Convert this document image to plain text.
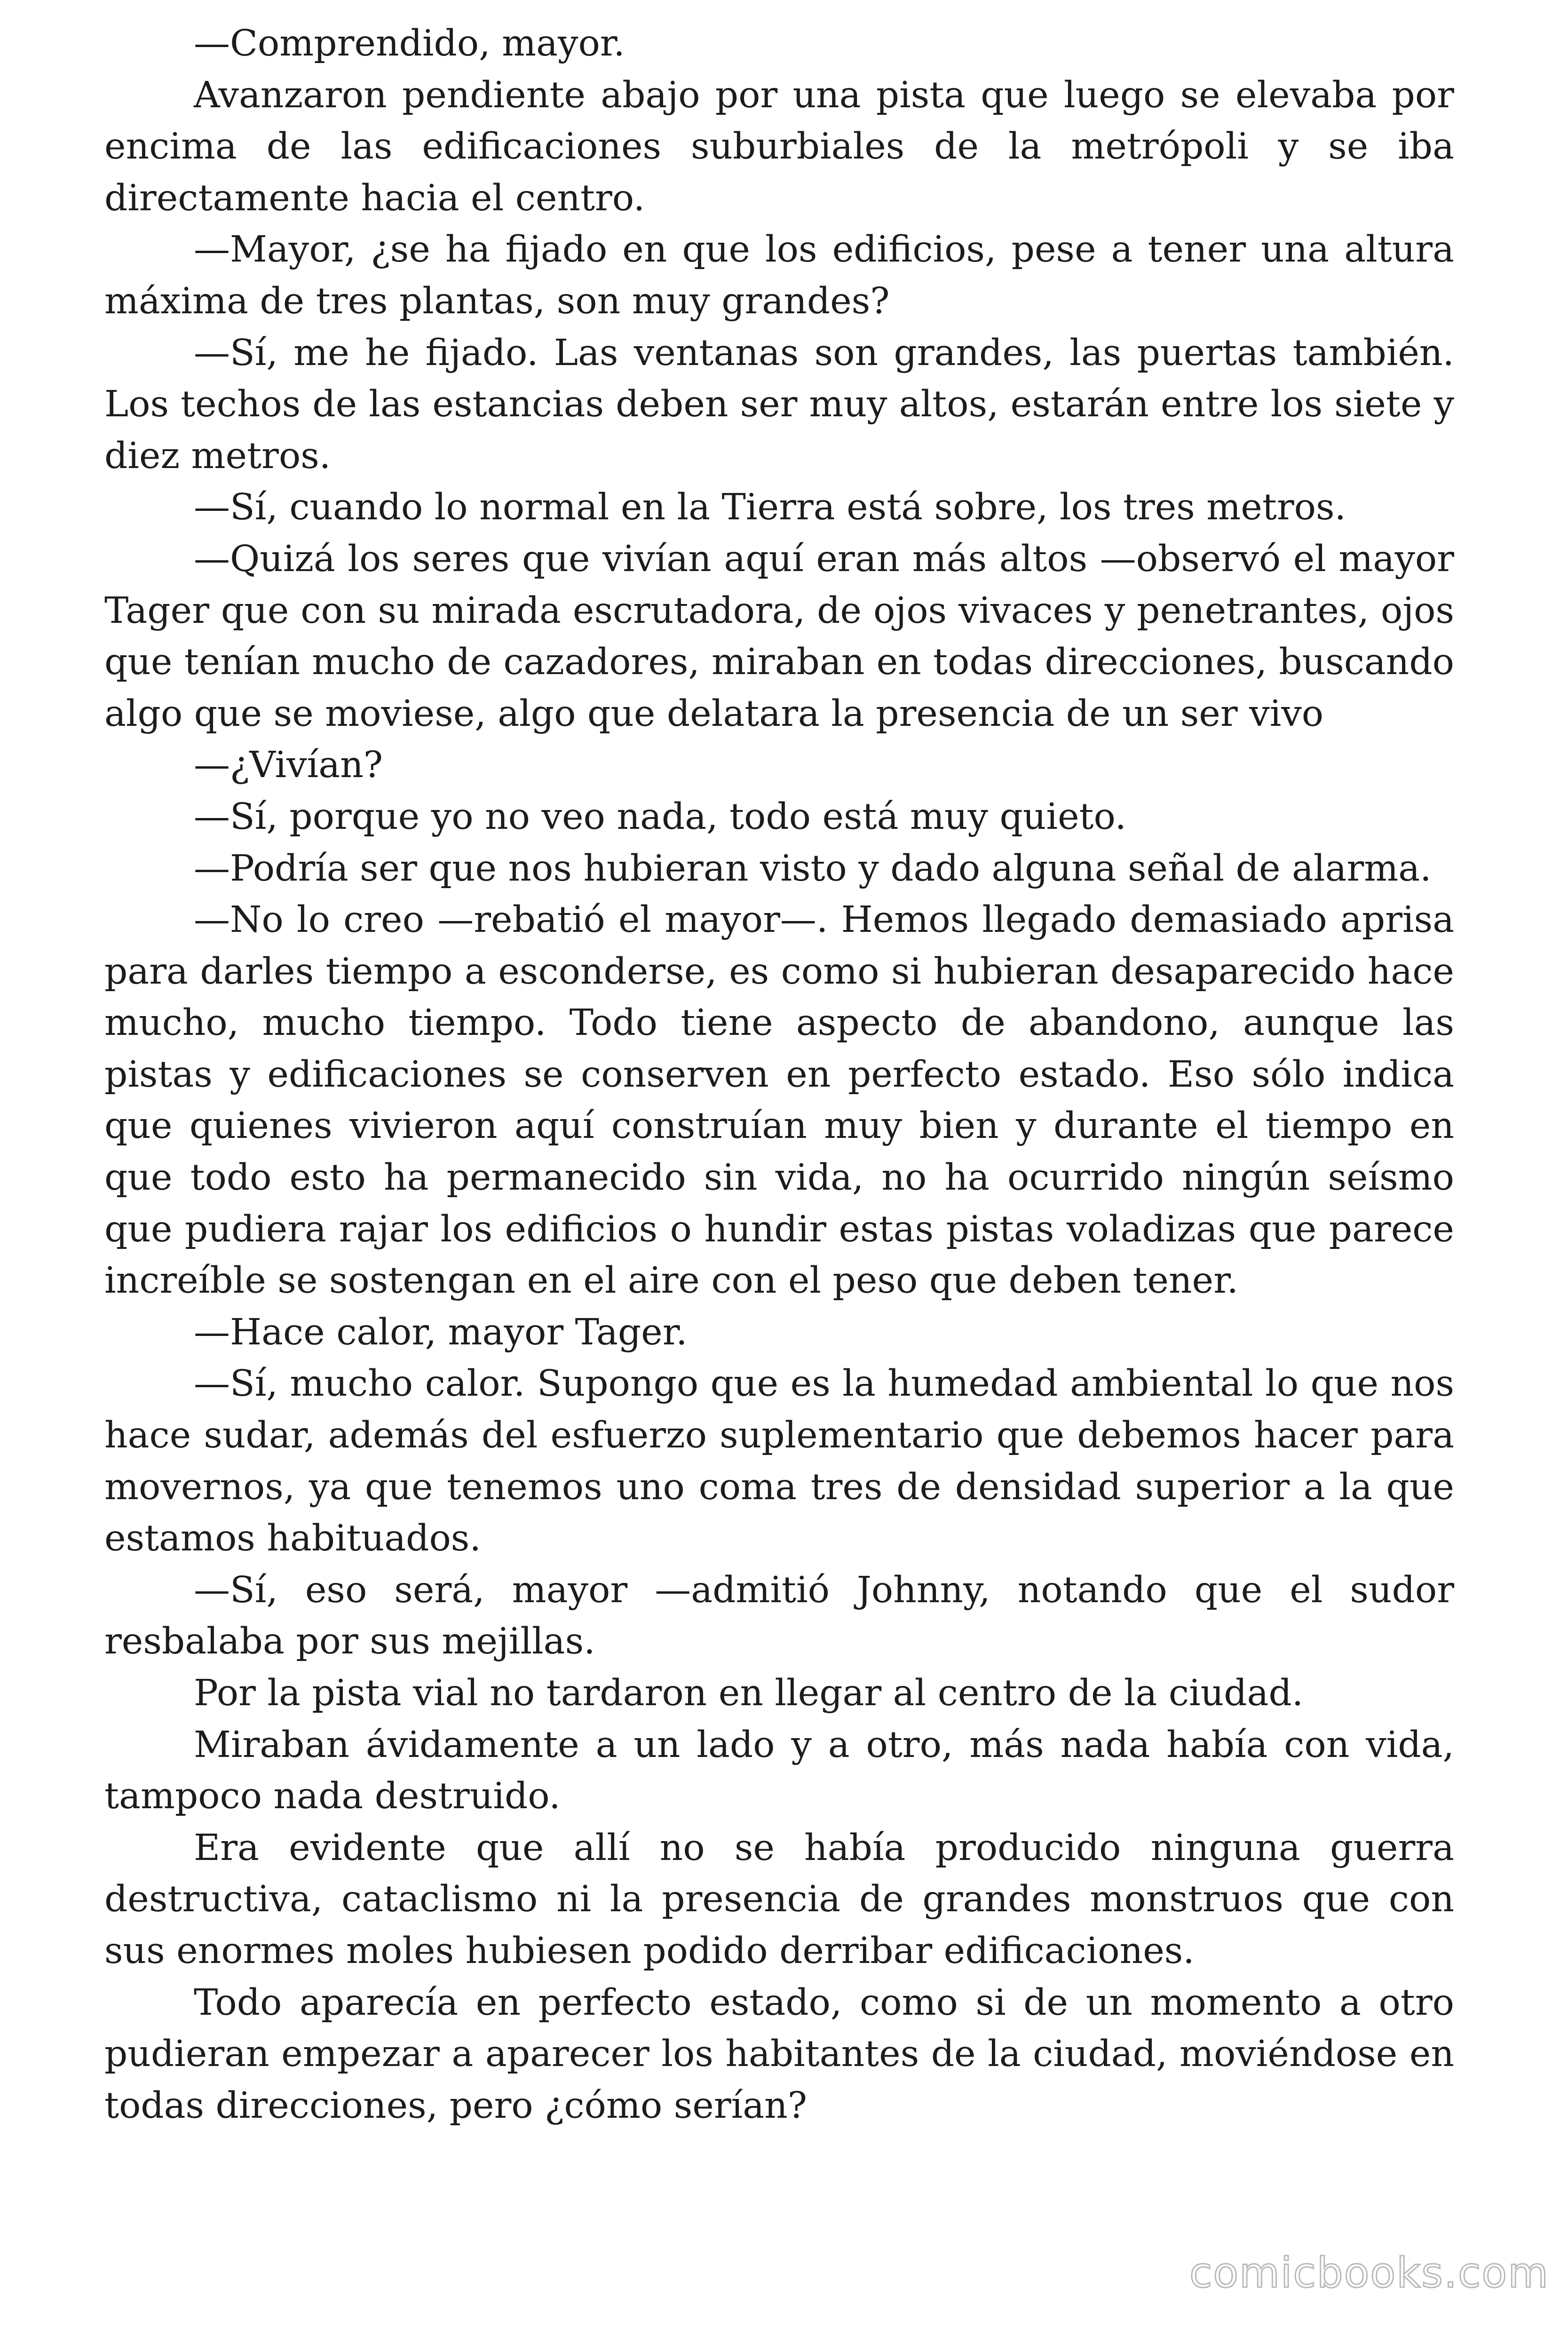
—Comprendido, mayor.

Avanzaron pendiente abajo por una pista que luego se elevaba por encima de las edificaciones suburbiales de la metrópoli y se iba directamente hacia el centro.

—Mayor, ¿se ha fijado en que los edificios, pese a tener una altura máxima de tres plantas, son muy grandes?

—Sí, me he fijado. Las ventanas son grandes, las puertas también. Los techos de las estancias deben ser muy altos, estarán entre los siete y diez metros.

—Sí, cuando lo normal en la Tierra está sobre, los tres metros.

—Quizá los seres que vivían aquí eran más altos —observó el mayor Tager que con su mirada escrutadora, de ojos vivaces y penetrantes, ojos que tenían mucho de cazadores, miraban en todas direcciones, buscando algo que se moviese, algo que delatara la presencia de un ser vivo

—¿Vivían?

—Sí, porque yo no veo nada, todo está muy quieto.

—Podría ser que nos hubieran visto y dado alguna señal de alarma.

—No lo creo —rebatió el mayor—. Hemos llegado demasiado aprisa para darles tiempo a esconderse, es como si hubieran desaparecido hace mucho, mucho tiempo. Todo tiene aspecto de abandono, aunque las pistas y edificaciones se conserven en perfecto estado. Eso sólo indica que quienes vivieron aquí construían muy bien y durante el tiempo en que todo esto ha permanecido sin vida, no ha ocurrido ningún seísmo que pudiera rajar los edificios o hundir estas pistas voladizas que parece increíble se sostengan en el aire con el peso que deben tener.

—Hace calor, mayor Tager.

—Sí, mucho calor. Supongo que es la humedad ambiental lo que nos hace sudar, además del esfuerzo suplementario que debemos hacer para movernos, ya que tenemos uno coma tres de densidad superior a la que estamos habituados.

—Sí, eso será, mayor —admitió Johnny, notando que el sudor resbalaba por sus mejillas.

Por la pista vial no tardaron en llegar al centro de la ciudad.

Miraban ávidamente a un lado y a otro, más nada había con vida, tampoco nada destruido.

Era evidente que allí no se había producido ninguna guerra destructiva, cataclismo ni la presencia de grandes monstruos que con sus enormes moles hubiesen podido derribar edificaciones.

Todo aparecía en perfecto estado, como si de un momento a otro pudieran empezar a aparecer los habitantes de la ciudad, moviéndose en todas direcciones, pero ¿cómo serían?

comicbooks.com
